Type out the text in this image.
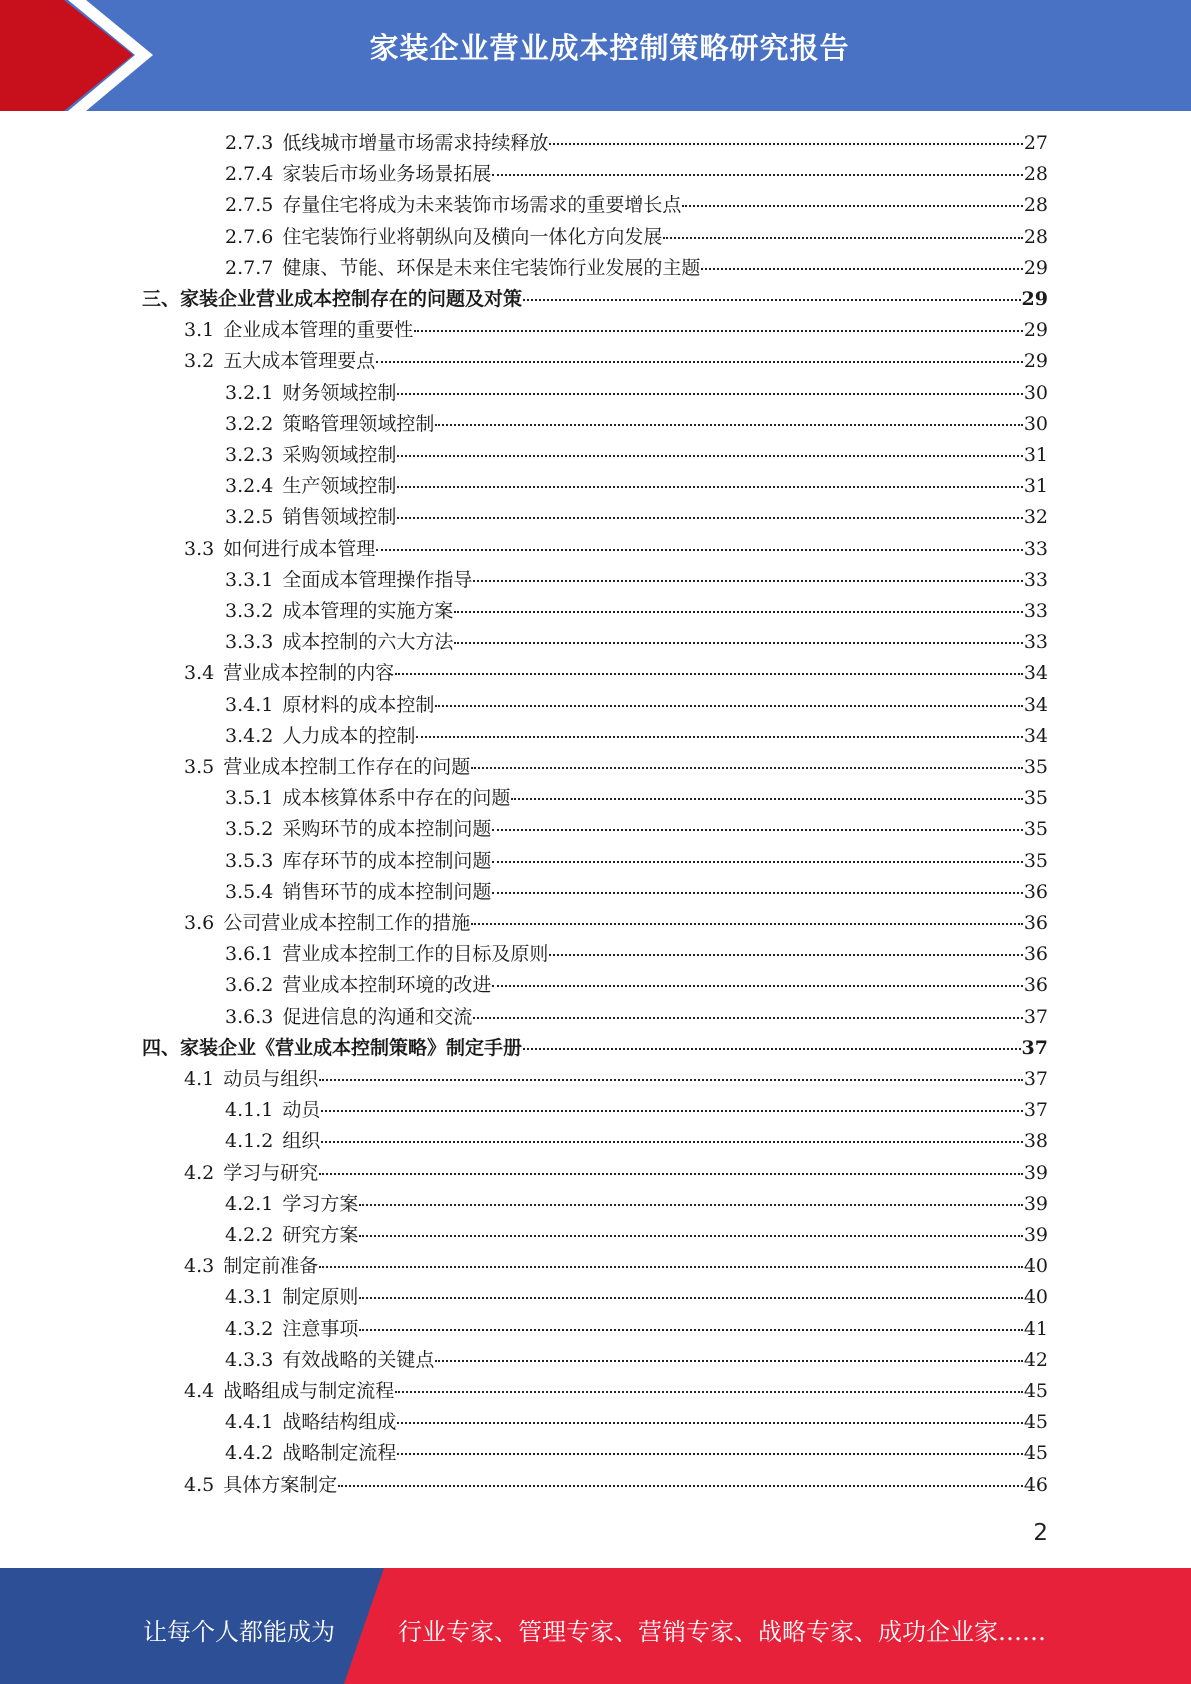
家装企业营业成本控制策略研究报告
2.7.3 低线城市增量市场需求持续释放	27
2.7.4 家装后市场业务场景拓展	28
2.7.5 存量住宅将成为未来装饰市场需求的重要增长点	28
2.7.6 住宅装饰行业将朝纵向及横向一体化方向发展	28
2.7.7 健康、节能、环保是未来住宅装饰行业发展的主题	29
三、家装企业营业成本控制存在的问题及对策	29
3.1 企业成本管理的重要性	29
3.2 五大成本管理要点	29
3.2.1 财务领域控制	30
3.2.2 策略管理领域控制	30
3.2.3 采购领域控制	31
3.2.4 生产领域控制	31
3.2.5 销售领域控制	32
3.3 如何进行成本管理	33
3.3.1 全面成本管理操作指导	33
3.3.2 成本管理的实施方案	33
3.3.3 成本控制的六大方法	33
3.4 营业成本控制的内容	34
3.4.1 原材料的成本控制	34
3.4.2 人力成本的控制	34
3.5 营业成本控制工作存在的问题	35
3.5.1 成本核算体系中存在的问题	35
3.5.2 采购环节的成本控制问题	35
3.5.3 库存环节的成本控制问题	35
3.5.4 销售环节的成本控制问题	36
3.6 公司营业成本控制工作的措施	36
3.6.1 营业成本控制工作的目标及原则	36
3.6.2 营业成本控制环境的改进	36
3.6.3 促进信息的沟通和交流	37
四、家装企业《营业成本控制策略》制定手册	37
4.1 动员与组织	37
4.1.1 动员	37
4.1.2 组织	38
4.2 学习与研究	39
4.2.1 学习方案	39
4.2.2 研究方案	39
4.3 制定前准备	40
4.3.1 制定原则	40
4.3.2 注意事项	41
4.3.3 有效战略的关键点	42
4.4 战略组成与制定流程	45
4.4.1 战略结构组成	45
4.4.2 战略制定流程	45
4.5 具体方案制定	46
2
让每个人都能成为	行业专家、管理专家、营销专家、战略专家、成功企业家……
